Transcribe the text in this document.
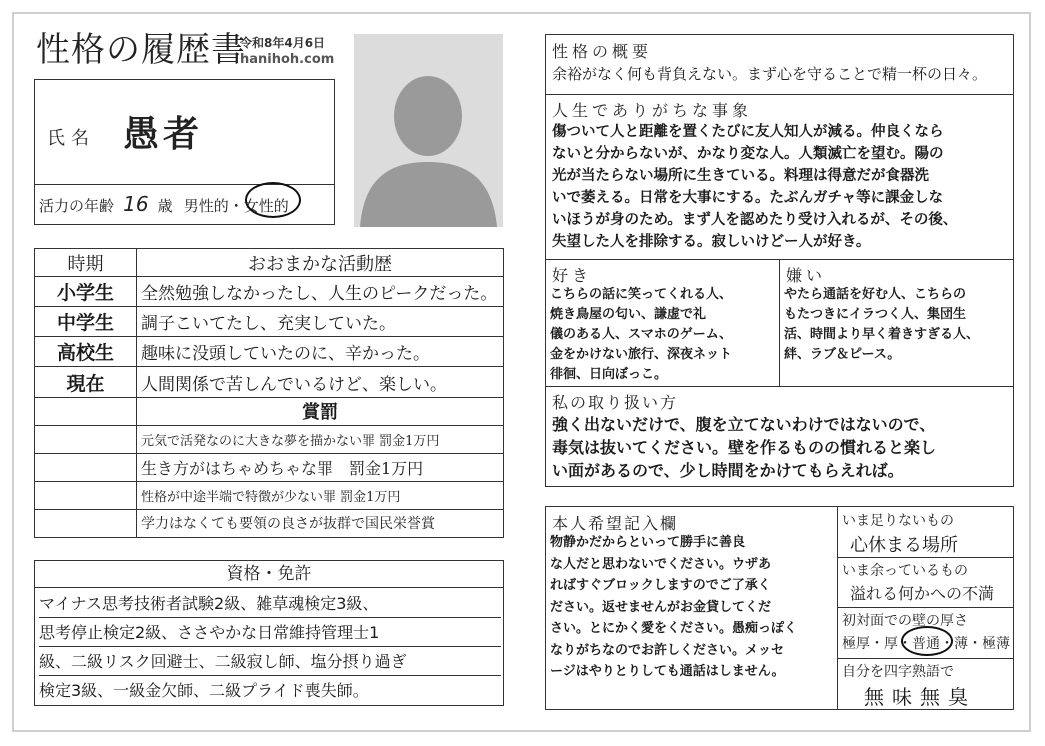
性格の履歴書
令和8年4月6日
hanihoh.com
氏名 愚者
活力の年齢 16 歳 男性的・女性的
時期	おおまかな活動歴
小学生	全然勉強しなかったし、人生のピークだった。
中学生	調子こいてたし、充実していた。
高校生	趣味に没頭していたのに、辛かった。
現在	人間関係で苦しんでいるけど、楽しい。
	賞罰
	元気で活発なのに大きな夢を描かない罪 罰金1万円
	生き方がはちゃめちゃな罪　罰金1万円
	性格が中途半端で特徴が少ない罪 罰金1万円
	学力はなくても要領の良さが抜群で国民栄誉賞
資格・免許
マイナス思考技術者試験2級、雑草魂検定3級、
思考停止検定2級、ささやかな日常維持管理士1
級、二級リスク回避士、二級寂し師、塩分摂り過ぎ
検定3級、一級金欠師、二級プライド喪失師。
性格の概要
余裕がなく何も背負えない。まず心を守ることで精一杯の日々。
人生でありがちな事象
傷ついて人と距離を置くたびに友人知人が減る。仲良くなら
ないと分からないが、かなり変な人。人類滅亡を望む。陽の
光が当たらない場所に生きている。料理は得意だが食器洗
いで萎える。日常を大事にする。たぶんガチャ等に課金しな
いほうが身のため。まず人を認めたり受け入れるが、その後、
失望した人を排除する。寂しいけどー人が好き。
好き
こちらの話に笑ってくれる人、
焼き鳥屋の匂い、謙虚で礼
儀のある人、スマホのゲーム、
金をかけない旅行、深夜ネット
徘徊、日向ぼっこ。
嫌い
やたら通話を好む人、こちらの
もたつきにイラつく人、集団生
活、時間より早く着きすぎる人、
絆、ラブ＆ピース。
私の取り扱い方
強く出ないだけで、腹を立てないわけではないので、
毒気は抜いてください。壁を作るものの慣れると楽し
い面があるので、少し時間をかけてもらえれば。
本人希望記入欄
物静かだからといって勝手に善良
な人だと思わないでください。ウザあ
ればすぐブロックしますのでご了承く
ださい。返せませんがお金貸してくだ
さい。とにかく愛をください。愚痴っぽく
なりがちなのでお許しください。メッセ
ージはやりとりしても通話はしません。
いま足りないもの
心休まる場所
いま余っているもの
溢れる何かへの不満
初対面での壁の厚さ
極厚・厚・普通・薄・極薄
自分を四字熟語で
無味無臭
